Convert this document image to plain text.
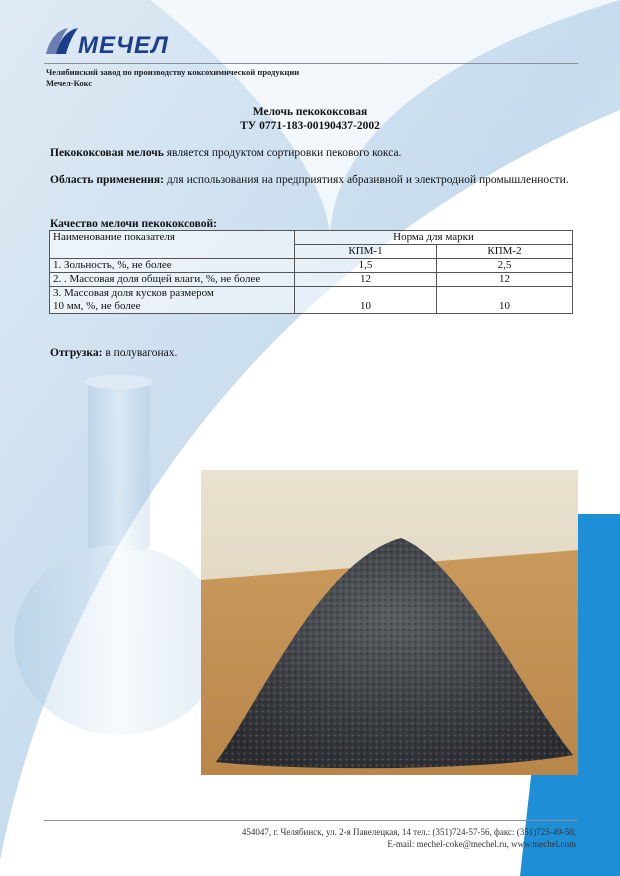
МЕЧЕЛ
Челябинский завод по производству коксохимической продукции
Мечел-Кокс
Мелочь пекококсовая
ТУ 0771-183-00190437-2002
Пекококсовая мелочь является продуктом сортировки пекового кокса.
Область применения: для использования на предприятиях абразивной и электродной промышленности.
Качество мелочи пекококсовой:
Наименование показателя	Норма для марки	
	КПМ-1	КПМ-2
1. Зольность, %, не более	1,5	2,5
2. . Массовая доля общей влаги, %, не более	12	12

3. Массовая доля кусков размером
10 мм, %, не более	10	10
Отгрузка: в полувагонах.
454047, г. Челябинск, ул. 2-я Павелецкая, 14 тел.: (351)724-57-56, факс: (351)725-49-50,
E-mail: mechel-coke@mechel.ru, www.mechel.com
